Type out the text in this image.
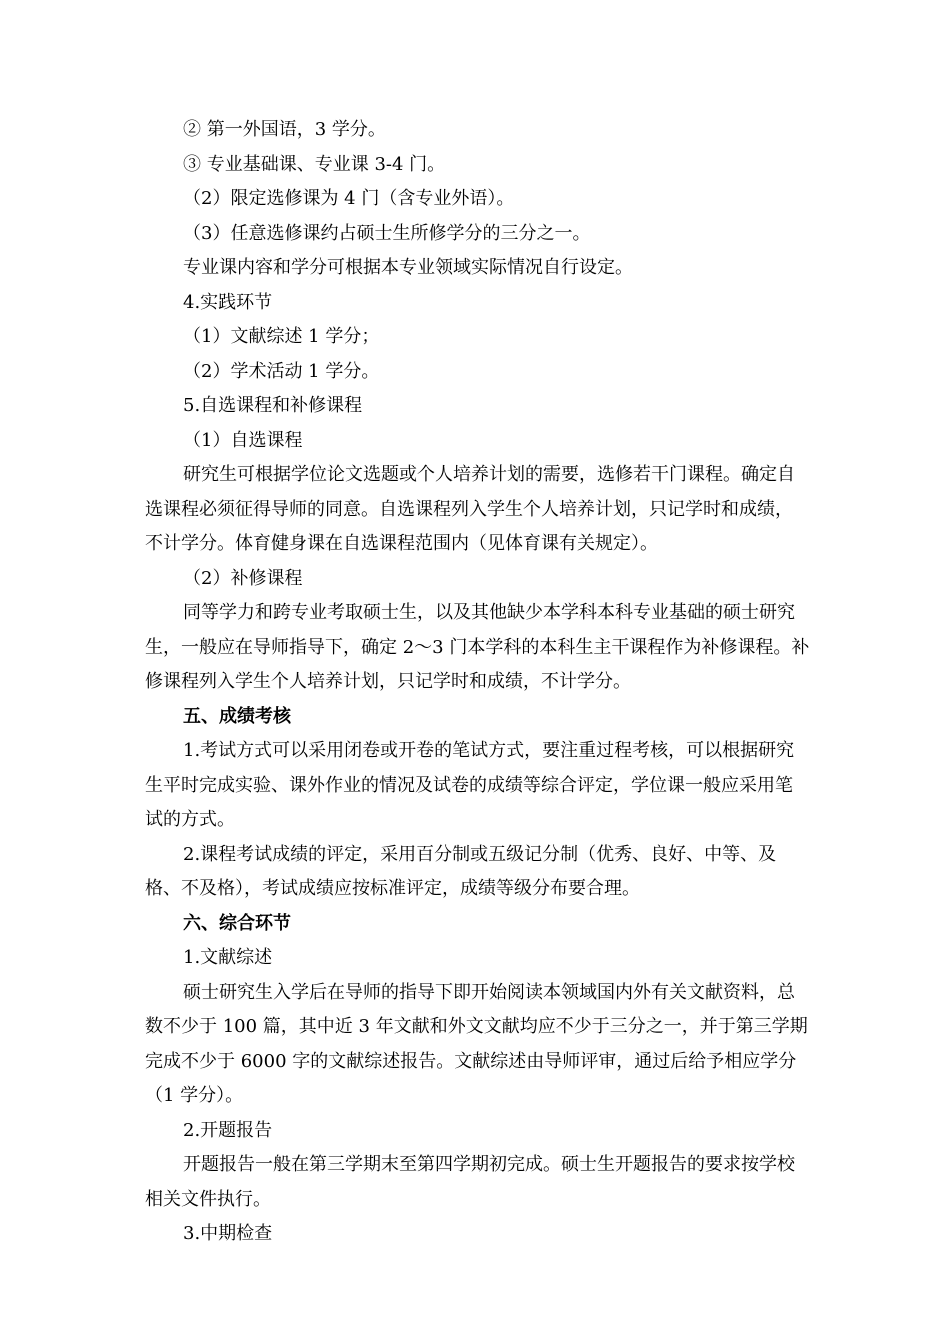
② 第一外国语，3 学分。
③ 专业基础课、专业课 3-4 门。
（2）限定选修课为 4 门（含专业外语）。
（3）任意选修课约占硕士生所修学分的三分之一。
专业课内容和学分可根据本专业领域实际情况自行设定。
4.实践环节
（1）文献综述 1 学分；
（2）学术活动 1 学分。
5.自选课程和补修课程
（1）自选课程

研究生可根据学位论文选题或个人培养计划的需要，选修若干门课程。确定自选课程必须征得导师的同意。自选课程列入学生个人培养计划，只记学时和成绩，不计学分。体育健身课在自选课程范围内（见体育课有关规定）。

（2）补修课程

同等学力和跨专业考取硕士生，以及其他缺少本学科本科专业基础的硕士研究生，一般应在导师指导下，确定 2～3 门本学科的本科生主干课程作为补修课程。补修课程列入学生个人培养计划，只记学时和成绩，不计学分。

五、成绩考核

1.考试方式可以采用闭卷或开卷的笔试方式，要注重过程考核，可以根据研究生平时完成实验、课外作业的情况及试卷的成绩等综合评定，学位课一般应采用笔试的方式。

2.课程考试成绩的评定，采用百分制或五级记分制（优秀、良好、中等、及格、不及格），考试成绩应按标准评定，成绩等级分布要合理。

六、综合环节
1.文献综述

硕士研究生入学后在导师的指导下即开始阅读本领域国内外有关文献资料，总数不少于 100 篇，其中近 3 年文献和外文文献均应不少于三分之一，并于第三学期完成不少于 6000 字的文献综述报告。文献综述由导师评审，通过后给予相应学分（1 学分）。

2.开题报告

开题报告一般在第三学期末至第四学期初完成。硕士生开题报告的要求按学校相关文件执行。

3.中期检查
